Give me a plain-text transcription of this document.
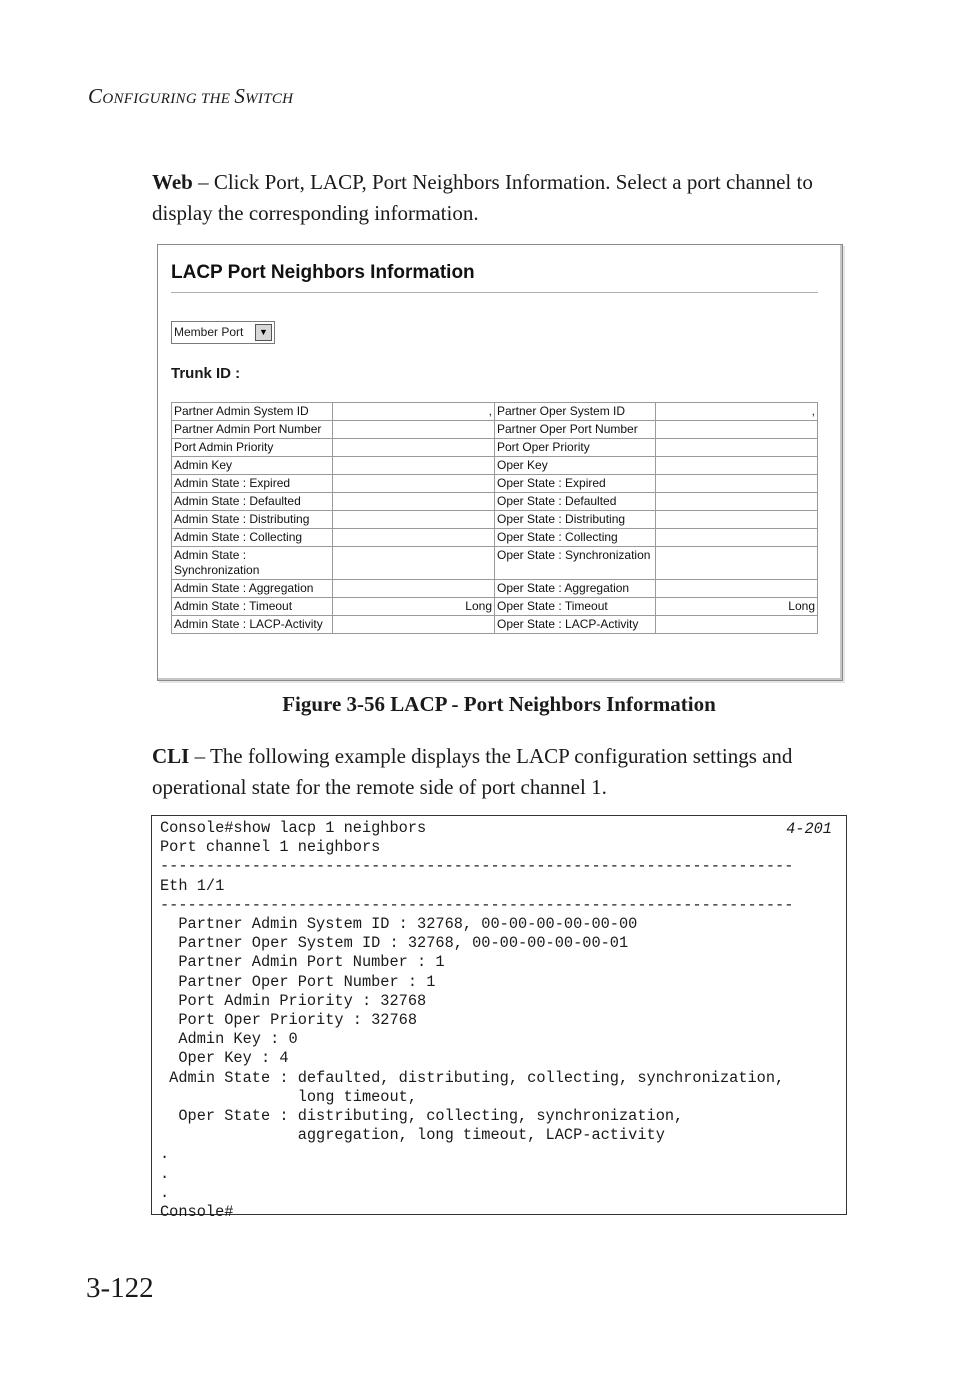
CONFIGURING THE SWITCH
Web – Click Port, LACP, Port Neighbors Information. Select a port channel to display the corresponding information.
LACP Port Neighbors Information
Member Port	▼
Trunk ID :
Partner Admin System ID	,	Partner Oper System ID	,
Partner Admin Port Number		Partner Oper Port Number	
Port Admin Priority		Port Oper Priority	
Admin Key		Oper Key	
Admin State : Expired		Oper State : Expired	
Admin State : Defaulted		Oper State : Defaulted	
Admin State : Distributing		Oper State : Distributing	
Admin State : Collecting		Oper State : Collecting	
Admin State : Synchronization		Oper State : Synchronization	
Admin State : Aggregation		Oper State : Aggregation	
Admin State : Timeout	Long	Oper State : Timeout	Long
Admin State : LACP-Activity		Oper State : LACP-Activity	
Figure 3-56 LACP - Port Neighbors Information
CLI – The following example displays the LACP configuration settings and operational state for the remote side of port channel 1.
4-201
Console#show lacp 1 neighbors
Port channel 1 neighbors
---------------------------------------------------------------------
Eth 1/1
---------------------------------------------------------------------
Partner Admin System ID : 32768, 00-00-00-00-00-00
Partner Oper System ID : 32768, 00-00-00-00-00-01
Partner Admin Port Number : 1
Partner Oper Port Number : 1
Port Admin Priority : 32768
Port Oper Priority : 32768
Admin Key : 0
Oper Key : 4
Admin State : defaulted, distributing, collecting, synchronization,
long timeout,
Oper State : distributing, collecting, synchronization,
aggregation, long timeout, LACP-activity
.
.
.
Console#
3-122
